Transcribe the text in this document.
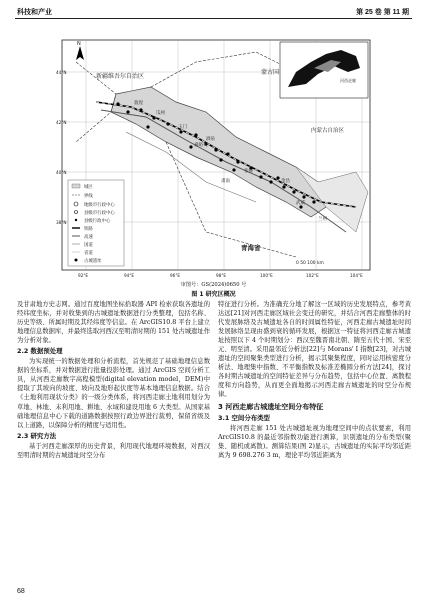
科技和产业	第 25 卷 第 11 期
新疆维吾尔自治区
蒙古国
内蒙古自治区
青海省
敦煌
瓜州
玉门
嘉峪关
酒泉
张掖
肃南	金昌
武威
兰州
河西走廊
城区
界线
地级市行政中心
县级市行政中心
县级行政中心
铁路
高速
国道
省道
古城遗址
N
0 50 100 km
92°E	94°E	96°E	98°E	100°E	102°E	104°E
44°N
42°N
40°N
38°N
审图号：GS(2024)0650 号
图 1 研究区概况

及甘肃地方史志网。通过百度地图坐标拾取器 API 检索获取各遗址的经纬度坐标，并对收集到的古城遗址数据进行分类整理，包括名称、历史等级、所属时期及其经纬度等信息。在 ArcGIS10.8 平台上建立地理信息数据库，并最终选取河西汉至明清时期的 151 处古城遗址作为分析对象。

2.2 数据预处理

为实现统一的数据处理和分析流程，首先规范了基础地理信息数据的坐标系，并对数据进行批量投影处理。通过 ArcGIS 空间分析工具，从河西走廊数字高程模型(digital elevation model，DEM)中提取了其坡向的坡度、坡向及地形起伏度等基本地理信息数据。结合《土地利用现状分类》的一级分类体系，将河西走廊土地利用划分为草地、林地、未利用地、耕地、水域和建设用地 6 大类型。从国家基础地理信息中心下载的道路数据按照行政边界进行裁剪，保留省级及以上道路，以保障分析的精度与适用性。

2.3 研究方法

基于河西走廊深厚的历史背景，利用现代地理环境数据，对西汉至明清时期的古城遗址时空分布

特征进行分析。为准确充分地了解这一区域的历史发展特点，参考黄达远[21]对河西走廊区域社会变迁的研究，并结合河西走廊整体的时代发展脉络及古城遗址各自的时间属性特征，河西走廊古城遗址时间发展脉络呈现由盛到衰的循环发展，根据这一特征将河西走廊古城遗址按照以下 4 个时期划分：西汉至魏晋南北朝、隋至五代十国、宋至元、明至清。采用最邻近分析法[22]与 Morans' I 指数[23]，对古城遗址的空间聚集类型进行分析，揭示其聚集程度，同时运用核密度分析法、地理集中指数、不平衡指数及标准差椭圆分析方法[24]，探讨各时期古城遗址的空间特征差异与分布趋势，包括中心位置、离散程度和方向趋势，从而更全面地揭示河西走廊古城遗址的时空分布规律。

3 河西走廊古城遗址空间分布特征
3.1 空间分布类型

将河西走廊 151 处古城遗址视为地理空间中的点状要素，利用 ArcGIS10.8 的最近邻指数功能进行测算，识别遗址的分布类型(聚集、随机或离散)。测算结果(图 2)显示，古城遗址的实际平均邻近距离为 9 698.276 3 m，理论平均邻近距离为

68
